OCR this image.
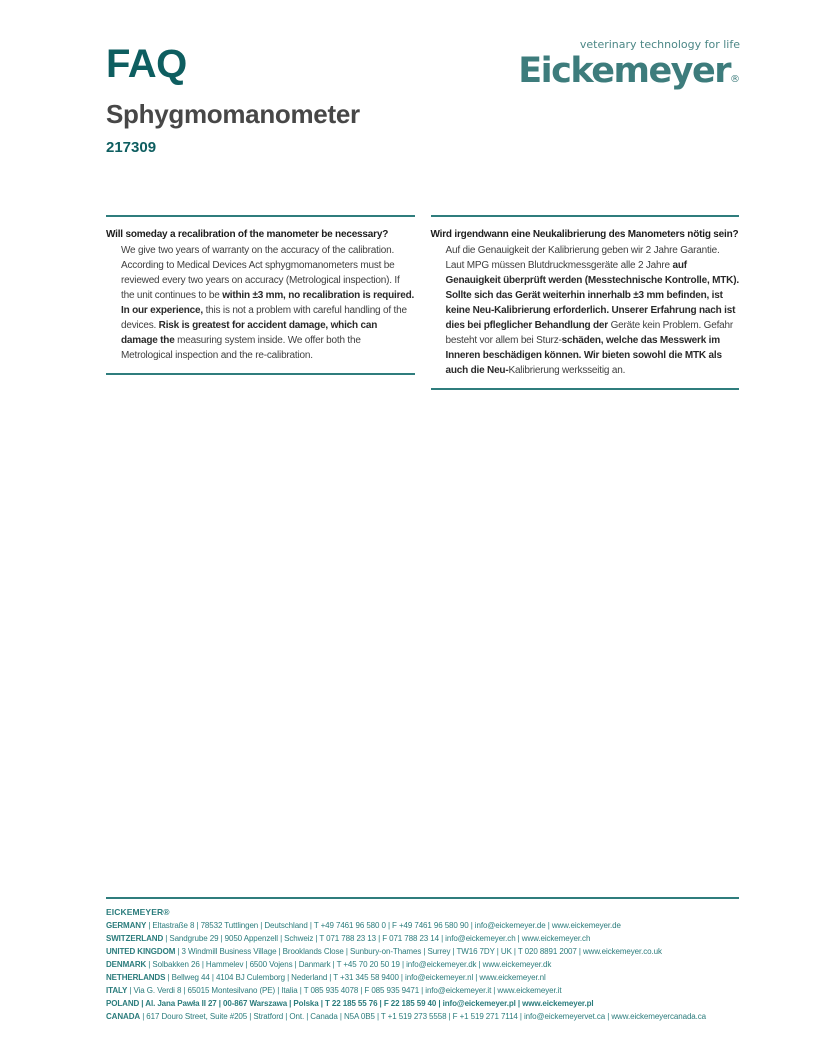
FAQ
Sphygmomanometer
217309
veterinary technology for life
Eickemeyer®
Will someday a recalibration of the manometer be necessary?
We give two years of warranty on the accuracy of the calibration. According to Medical Devices Act sphygmomanometers must be reviewed every two years on accuracy (Metrological inspection). If the unit continues to be within ±3 mm, no recalibration is required. In our experience, this is not a problem with careful handling of the devices. Risk is greatest for accident damage, which can damage the measuring system inside. We offer both the Metrological inspection and the re-calibration.
Wird irgendwann eine Neukalibrierung des Manometers nötig sein?
Auf die Genauigkeit der Kalibrierung geben wir 2 Jahre Garantie. Laut MPG müssen Blutdruckmessgeräte alle 2 Jahre auf Genauigkeit überprüft werden (Messtechnische Kontrolle, MTK). Sollte sich das Gerät weiterhin innerhalb ±3 mm befinden, ist keine Neu-Kalibrierung erforderlich. Unserer Erfahrung nach ist dies bei pfleglicher Behandlung der Geräte kein Problem. Gefahr besteht vor allem bei Sturz-schäden, welche das Messwerk im Inneren beschädigen können. Wir bieten sowohl die MTK als auch die Neu-Kalibrierung werksseitig an.
EICKEMEYER®
GERMANY | Eltastraße 8 | 78532 Tuttlingen | Deutschland | T +49 7461 96 580 0 | F +49 7461 96 580 90 | info@eickemeyer.de | www.eickemeyer.de
SWITZERLAND | Sandgrube 29 | 9050 Appenzell | Schweiz | T 071 788 23 13 | F 071 788 23 14 | info@eickemeyer.ch | www.eickemeyer.ch
UNITED KINGDOM | 3 Windmill Business Village | Brooklands Close | Sunbury-on-Thames | Surrey | TW16 7DY | UK | T 020 8891 2007 | www.eickemeyer.co.uk
DENMARK | Solbakken 26 | Hammelev | 6500 Vojens | Danmark | T +45 70 20 50 19 | info@eickemeyer.dk | www.eickemeyer.dk
NETHERLANDS | Bellweg 44 | 4104 BJ Culemborg | Nederland | T +31 345 58 9400 | info@eickemeyer.nl | www.eickemeyer.nl
ITALY | Via G. Verdi 8 | 65015 Montesilvano (PE) | Italia | T 085 935 4078 | F 085 935 9471 | info@eickemeyer.it | www.eickemeyer.it
POLAND | Al. Jana Pawła II 27 | 00-867 Warszawa | Polska | T 22 185 55 76 | F 22 185 59 40 | info@eickemeyer.pl | www.eickemeyer.pl
CANADA | 617 Douro Street, Suite #205 | Stratford | Ont. | Canada | N5A 0B5 | T +1 519 273 5558 | F +1 519 271 7114 | info@eickemeyervet.ca | www.eickemeyercanada.ca
